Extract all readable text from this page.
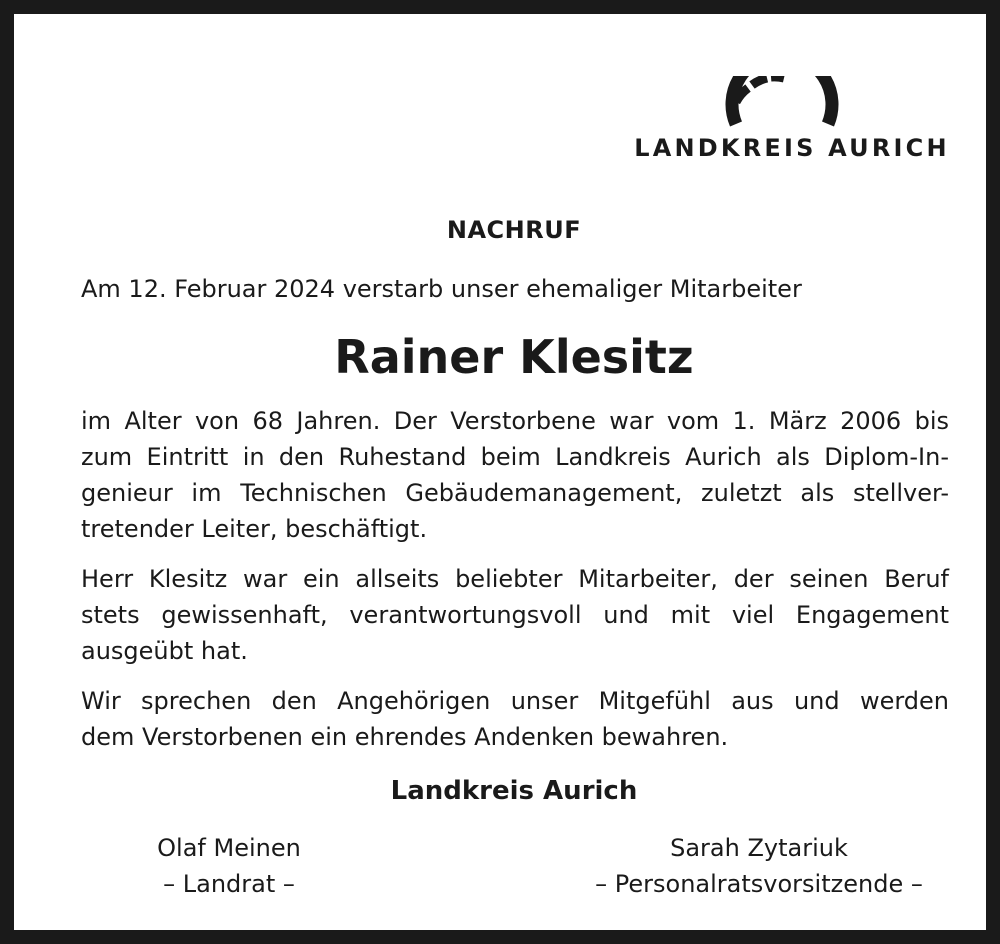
LANDKREIS AURICH
NACHRUF
Am 12. Februar 2024 verstarb unser ehemaliger Mitarbeiter
Rainer Klesitz
im Alter von 68 Jahren. Der Verstorbene war vom 1. März 2006 bis
zum Eintritt in den Ruhestand beim Landkreis Aurich als Diplom-In-
genieur im Technischen Gebäudemanagement, zuletzt als stellver-
tretender Leiter, beschäftigt.
Herr Klesitz war ein allseits beliebter Mitarbeiter, der seinen Beruf
stets gewissenhaft, verantwortungsvoll und mit viel Engagement
ausgeübt hat.
Wir sprechen den Angehörigen unser Mitgefühl aus und werden
dem Verstorbenen ein ehrendes Andenken bewahren.
Landkreis Aurich
Olaf Meinen
– Landrat –
Sarah Zytariuk
– Personalratsvorsitzende –
